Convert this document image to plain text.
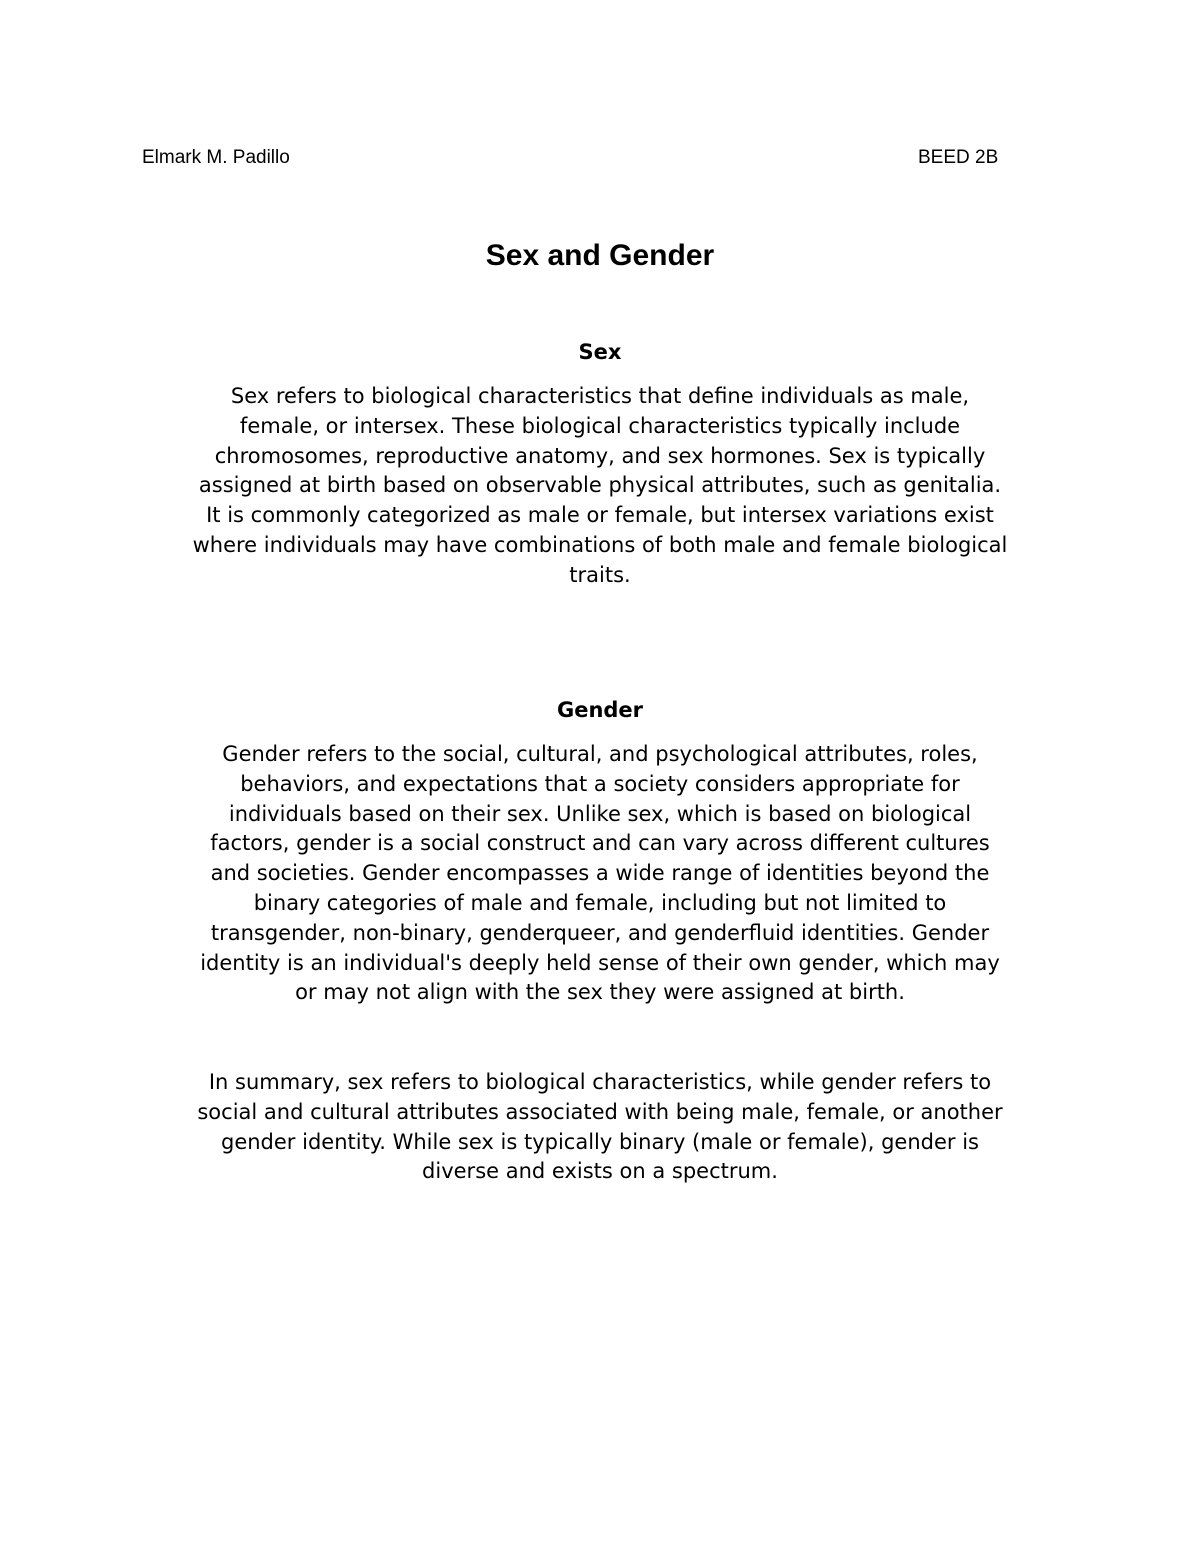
Elmark M. Padillo	BEED 2B
Sex and Gender
Sex
Sex refers to biological characteristics that define individuals as male,
female, or intersex. These biological characteristics typically include
chromosomes, reproductive anatomy, and sex hormones. Sex is typically
assigned at birth based on observable physical attributes, such as genitalia.
It is commonly categorized as male or female, but intersex variations exist
where individuals may have combinations of both male and female biological
traits.
Gender
Gender refers to the social, cultural, and psychological attributes, roles,
behaviors, and expectations that a society considers appropriate for
individuals based on their sex. Unlike sex, which is based on biological
factors, gender is a social construct and can vary across different cultures
and societies. Gender encompasses a wide range of identities beyond the
binary categories of male and female, including but not limited to
transgender, non-binary, genderqueer, and genderfluid identities. Gender
identity is an individual's deeply held sense of their own gender, which may
or may not align with the sex they were assigned at birth.
In summary, sex refers to biological characteristics, while gender refers to
social and cultural attributes associated with being male, female, or another
gender identity. While sex is typically binary (male or female), gender is
diverse and exists on a spectrum.
